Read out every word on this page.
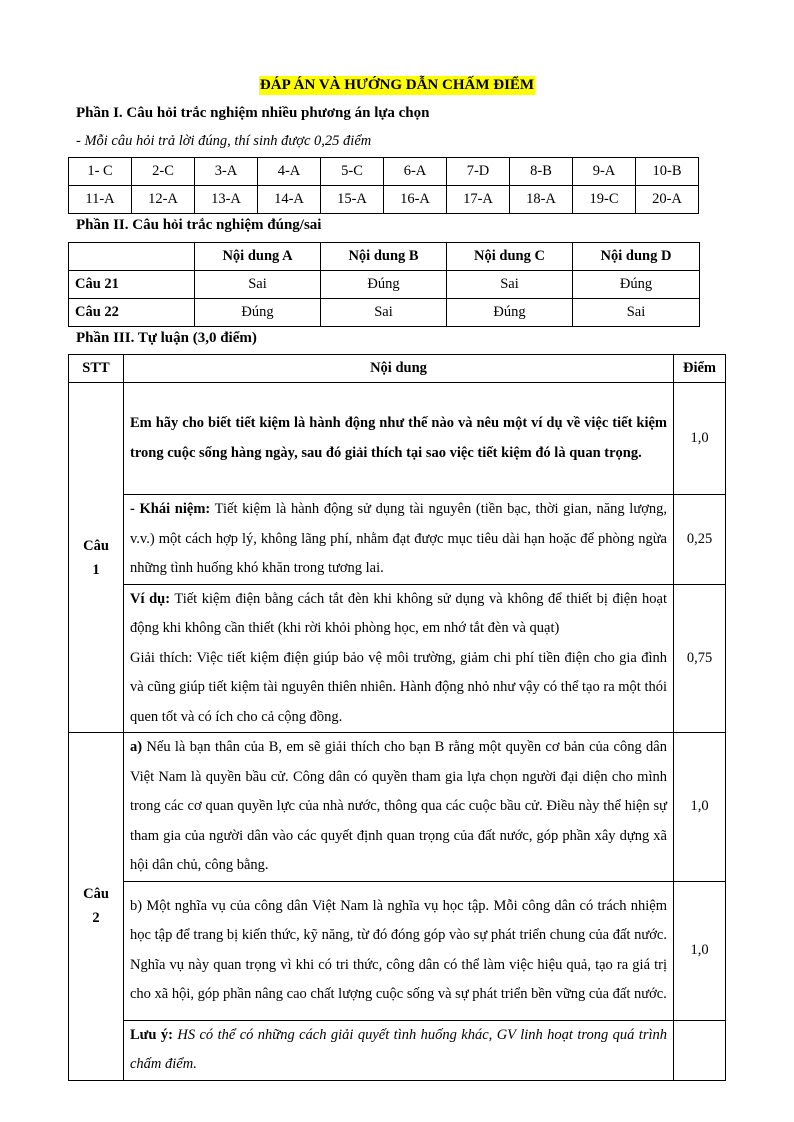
ĐÁP ÁN VÀ HƯỚNG DẪN CHẤM ĐIỂM
Phần I. Câu hỏi trắc nghiệm nhiều phương án lựa chọn
- Mỗi câu hỏi trả lời đúng, thí sinh được 0,25 điểm
1- C	2-C	3-A	4-A	5-C	6-A	7-D	8-B	9-A	10-B
11-A	12-A	13-A	14-A	15-A	16-A	17-A	18-A	19-C	20-A
Phần II. Câu hỏi trắc nghiệm đúng/sai
	Nội dung A	Nội dung B	Nội dung C	Nội dung D
Câu 21	Sai	Đúng	Sai	Đúng
Câu 22	Đúng	Sai	Đúng	Sai
Phần III. Tự luận (3,0 điểm)
STT	Nội dung	Điểm
Câu
1	Em hãy cho biết tiết kiệm là hành động như thế nào và nêu một ví dụ về việc tiết kiệm trong cuộc sống hàng ngày, sau đó giải thích tại sao việc tiết kiệm đó là quan trọng.	1,0
	- Khái niệm: Tiết kiệm là hành động sử dụng tài nguyên (tiền bạc, thời gian, năng lượng, v.v.) một cách hợp lý, không lãng phí, nhằm đạt được mục tiêu dài hạn hoặc để phòng ngừa những tình huống khó khăn trong tương lai.	0,25
	Ví dụ: Tiết kiệm điện bằng cách tắt đèn khi không sử dụng và không để thiết bị điện hoạt động khi không cần thiết (khi rời khỏi phòng học, em nhớ tắt đèn và quạt)
Giải thích: Việc tiết kiệm điện giúp bảo vệ môi trường, giảm chi phí tiền điện cho gia đình và cũng giúp tiết kiệm tài nguyên thiên nhiên. Hành động nhỏ như vậy có thể tạo ra một thói quen tốt và có ích cho cả cộng đồng.	0,75
Câu
2	a) Nếu là bạn thân của B, em sẽ giải thích cho bạn B rằng một quyền cơ bản của công dân Việt Nam là quyền bầu cử. Công dân có quyền tham gia lựa chọn người đại diện cho mình trong các cơ quan quyền lực của nhà nước, thông qua các cuộc bầu cử. Điều này thể hiện sự tham gia của người dân vào các quyết định quan trọng của đất nước, góp phần xây dựng xã hội dân chủ, công bằng.	1,0
	b) Một nghĩa vụ của công dân Việt Nam là nghĩa vụ học tập. Mỗi công dân có trách nhiệm học tập để trang bị kiến thức, kỹ năng, từ đó đóng góp vào sự phát triển chung của đất nước. Nghĩa vụ này quan trọng vì khi có tri thức, công dân có thể làm việc hiệu quả, tạo ra giá trị cho xã hội, góp phần nâng cao chất lượng cuộc sống và sự phát triển bền vững của đất nước.	1,0
	Lưu ý: HS có thể có những cách giải quyết tình huống khác, GV linh hoạt trong quá trình chấm điểm.	
